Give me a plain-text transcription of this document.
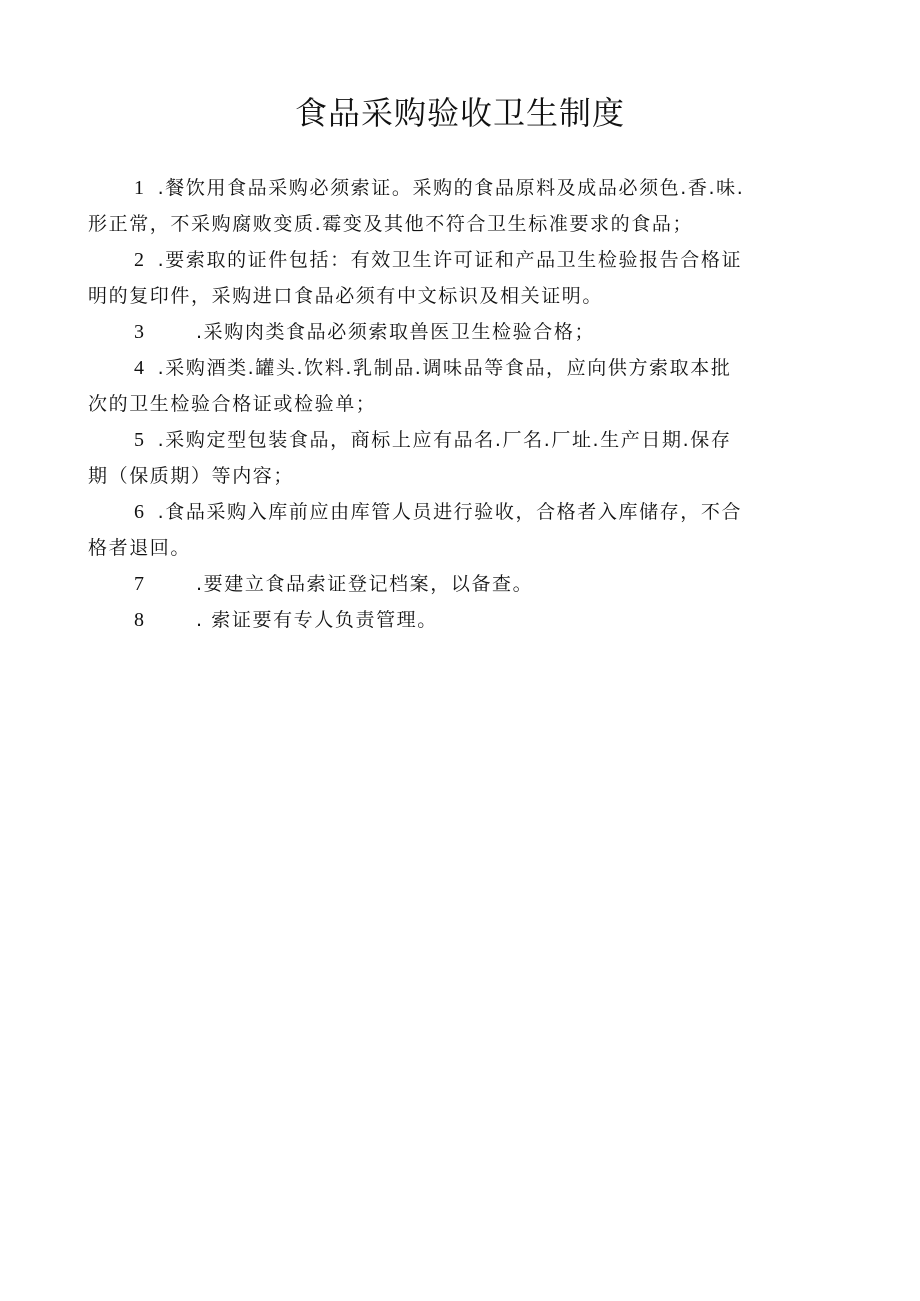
食品采购验收卫生制度
1 .餐饮用食品采购必须索证。采购的食品原料及成品必须色.香.味.
形正常，不采购腐败变质.霉变及其他不符合卫生标准要求的食品；
2 .要索取的证件包括：有效卫生许可证和产品卫生检验报告合格证
明的复印件，采购进口食品必须有中文标识及相关证明。
3	.采购肉类食品必须索取兽医卫生检验合格；
4 .采购酒类.罐头.饮料.乳制品.调味品等食品，应向供方索取本批
次的卫生检验合格证或检验单；
5 .采购定型包装食品，商标上应有品名.厂名.厂址.生产日期.保存
期（保质期）等内容；
6 .食品采购入库前应由库管人员进行验收，合格者入库储存，不合
格者退回。
7	.要建立食品索证登记档案，以备查。
8	. 索证要有专人负责管理。
